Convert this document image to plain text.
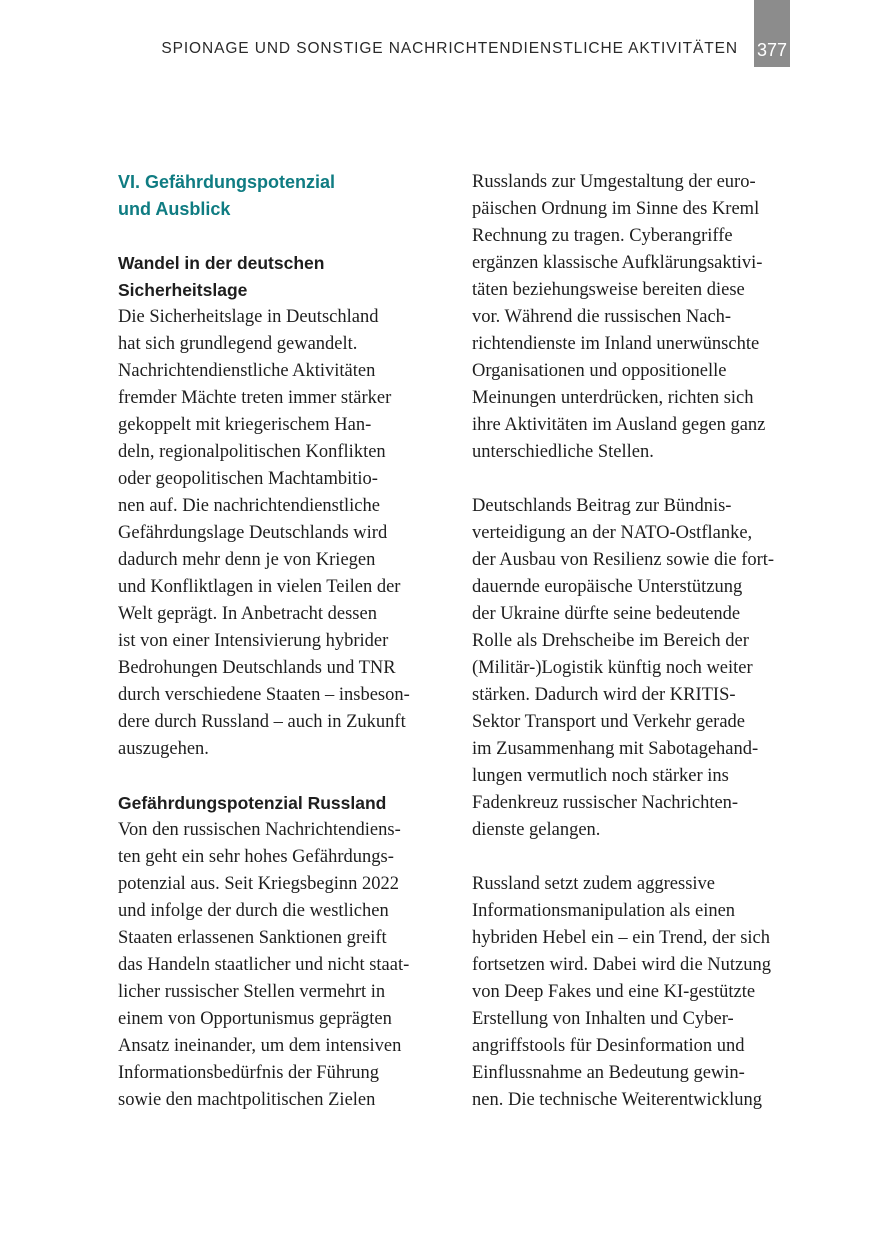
377
SPIONAGE UND SONSTIGE NACHRICHTENDIENSTLICHE AKTIVITÄTEN
VI. Gefährdungspotenzial
und Ausblick
Wandel in der deutschen
Sicherheitslage
Die Sicherheitslage in Deutschland
hat sich grundlegend gewandelt.
Nachrichtendienstliche Aktivitäten
fremder Mächte treten immer stärker
gekoppelt mit kriegerischem Han-
deln, regionalpolitischen Konflikten
oder geopolitischen Machtambitio-
nen auf. Die nachrichtendienstliche
Gefährdungslage Deutschlands wird
dadurch mehr denn je von Kriegen
und Konfliktlagen in vielen Teilen der
Welt geprägt. In Anbetracht dessen
ist von einer Intensivierung hybrider
Bedrohungen Deutschlands und TNR
durch verschiedene Staaten – insbeson-
dere durch Russland – auch in Zukunft
auszugehen.
Gefährdungspotenzial Russland
Von den russischen Nachrichtendiens-
ten geht ein sehr hohes Gefährdungs-
potenzial aus. Seit Kriegsbeginn 2022
und infolge der durch die westlichen
Staaten erlassenen Sanktionen greift
das Handeln staatlicher und nicht staat-
licher russischer Stellen vermehrt in
einem von Opportunismus geprägten
Ansatz ineinander, um dem intensiven
Informationsbedürfnis der Führung
sowie den machtpolitischen Zielen
Russlands zur Umgestaltung der euro-
päischen Ordnung im Sinne des Kreml
Rechnung zu tragen. Cyberangriffe
ergänzen klassische Aufklärungsaktivi-
täten beziehungsweise bereiten diese
vor. Während die russischen Nach-
richtendienste im Inland unerwünschte
Organisationen und oppositionelle
Meinungen unterdrücken, richten sich
ihre Aktivitäten im Ausland gegen ganz
unterschiedliche Stellen.
Deutschlands Beitrag zur Bündnis-
verteidigung an der NATO-Ostflanke,
der Ausbau von Resilienz sowie die fort-
dauernde europäische Unterstützung
der Ukraine dürfte seine bedeutende
Rolle als Drehscheibe im Bereich der
(Militär-)Logistik künftig noch weiter
stärken. Dadurch wird der KRITIS-
Sektor Transport und Verkehr gerade
im Zusammenhang mit Sabotagehand-
lungen vermutlich noch stärker ins
Fadenkreuz russischer Nachrichten-
dienste gelangen.
Russland setzt zudem aggressive
Informationsmanipulation als einen
hybriden Hebel ein – ein Trend, der sich
fortsetzen wird. Dabei wird die Nutzung
von Deep Fakes und eine KI-gestützte
Erstellung von Inhalten und Cyber-
angriffstools für Desinformation und
Einflussnahme an Bedeutung gewin-
nen. Die technische Weiterentwicklung
